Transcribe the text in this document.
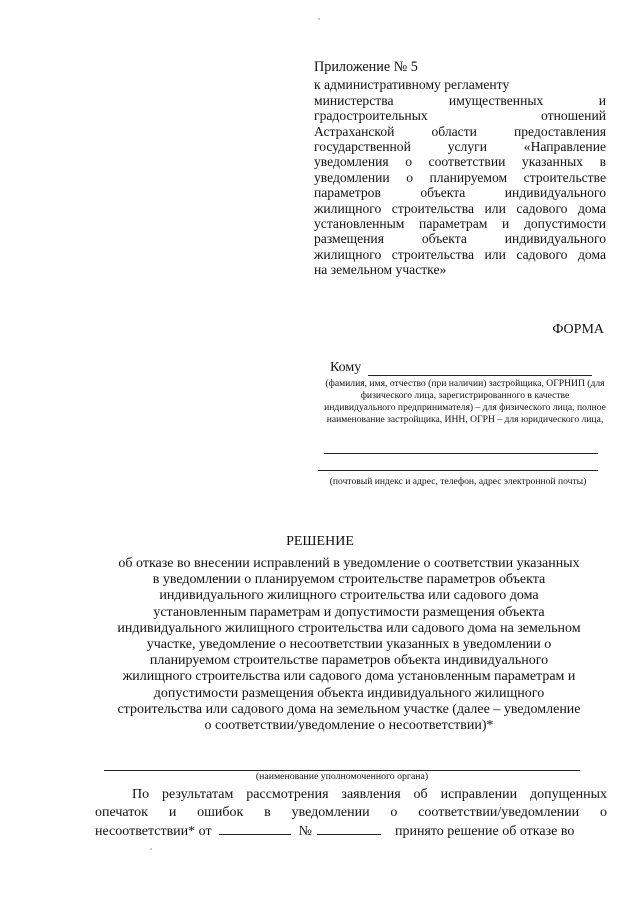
Приложение № 5
к административному регламенту
министерства имущественных и
градостроительных отношений
Астраханской области предоставления
государственной услуги «Направление
уведомления о соответствии указанных в
уведомлении о планируемом строительстве
параметров объекта индивидуального
жилищного строительства или садового дома
установленным параметрам и допустимости
размещения объекта индивидуального
жилищного строительства или садового дома
на земельном участке»
ФОРМА
Кому
(фамилия, имя, отчество (при наличии) застройщика, ОГРНИП (для физического лица, зарегистрированного в качестве индивидуального предпринимателя) – для физического лица, полное наименование застройщика, ИНН, ОГРН – для юридического лица,
(почтовый индекс и адрес, телефон, адрес электронной почты)
РЕШЕНИЕ
об отказе во внесении исправлений в уведомление о соответствии указанных
в уведомлении о планируемом строительстве параметров объекта
индивидуального жилищного строительства или садового дома
установленным параметрам и допустимости размещения объекта
индивидуального жилищного строительства или садового дома на земельном
участке, уведомление о несоответствии указанных в уведомлении о
планируемом строительстве параметров объекта индивидуального
жилищного строительства или садового дома установленным параметрам и
допустимости размещения объекта индивидуального жилищного
строительства или садового дома на земельном участке (далее – уведомление
о соответствии/уведомление о несоответствии)*
(наименование уполномоченного органа)
По результатам рассмотрения заявления об исправлении допущенных
опечаток и ошибок в уведомлении о соответствии/уведомлении о
несоответствии* от	№	принято решение об отказе во
